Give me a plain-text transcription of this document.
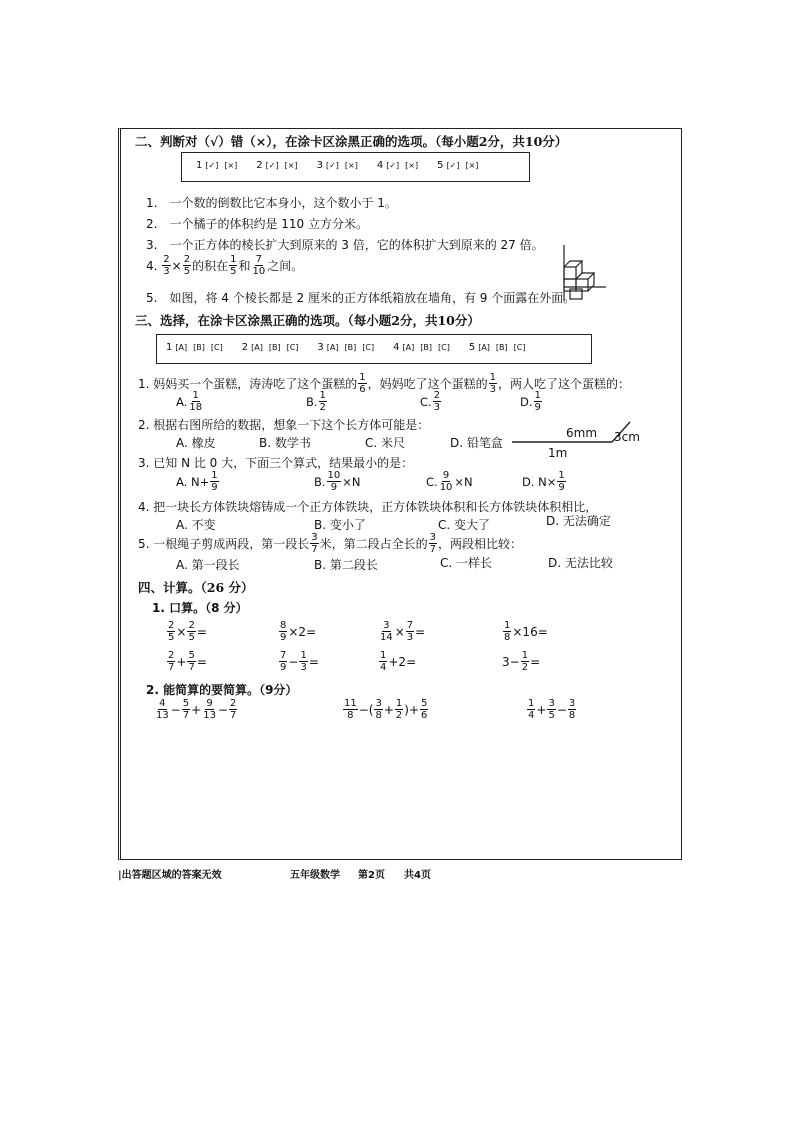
二、判断对（√）错（×），在涂卡区涂黑正确的选项。（每小题2分，共10分）
1 [ ✓ ]	[ × ]	2 [ ✓ ]	[ × ]	3 [ ✓ ]	[ × ]	4 [ ✓ ]	[ × ]	5 [ ✓ ]	[ × ]
1.　一个数的倒数比它本身小，这个数小于 1。
2.　一个橘子的体积约是 110 立方分米。
3.　一个正方体的棱长扩大到原来的 3 倍，它的体积扩大到原来的 27 倍。
4.
$\frac{2}{3} \times \frac{2}{5}$ 的积在 $\frac{1}{5}$ 和 $\frac{7}{10}$ 之间。
5.　如图，将 4 个棱长都是 2 厘米的正方体纸箱放在墙角，有 9 个面露在外面。
三、选择，在涂卡区涂黑正确的选项。（每小题2分，共10分）
1 [ A ]	[ B ]	[ C ]	2 [ A ]	[ B ]	[ C ]	3 [ A ]	[ B ]	[ C ]	4 [ A ]	[ B ]	[ C ]	5 [ A ]	[ B ]	[ C ]
1. 妈妈买一个蛋糕，涛涛吃了这个蛋糕的 $\frac{1}{6}$ ，妈妈吃了这个蛋糕的 $\frac{1}{3}$ ，两人吃了这个蛋糕的：
A. $\frac{1}{18}$	B. $\frac{1}{2}$	C. $\frac{2}{3}$	D. $\frac{1}{9}$
2. 根据右图所给的数据，想象一下这个长方体可能是：
A. 橡皮	B. 数学书	C. 米尺	D. 铅笔盒
6mm 3cm
1m
3. 已知 N 比 0 大，下面三个算式，结果最小的是：
A. $N+ \frac{1}{9}$	B. $\frac{10}{9} \times N$	C. $\frac{9}{10} \times N$	D. $N\times \frac{1}{9}$
4. 把一块长方体铁块熔铸成一个正方体铁块，正方体铁块体积和长方体铁块体积相比，
A. 不变	B. 变小了	C. 变大了	D. 无法确定
5. 一根绳子剪成两段，第一段长 $\frac{3}{7}$ 米，第二段占全长的 $\frac{3}{7}$ ，两段相比较：
A. 第一段长	B. 第二段长	C. 一样长	D. 无法比较
四、计算。（26 分）
1. 口算。（8 分）
$\frac{2}{5} \times \frac{2}{5}$ =	$\frac{8}{9} \times 2=$	$\frac{3}{14} \times \frac{7}{3}$ =	$\frac{1}{8} \times 16=$
$\frac{2}{7} + \frac{5}{7}$ =	$\frac{7}{9} - \frac{1}{3}$ =	$\frac{1}{4} +2=$	$3- \frac{1}{2}$ =
2. 能简算的要简算。（9分）
$\frac{4}{13} - \frac{5}{7} + \frac{9}{13} - \frac{2}{7}$	$\frac{11}{8}$ −( $\frac{3}{8} + \frac{1}{2}$ )+ $\frac{5}{6}$	$\frac{1}{4} + \frac{3}{5} - \frac{3}{8}$
|出答题区域的答案无效	五年级数学 第2页 共4页
